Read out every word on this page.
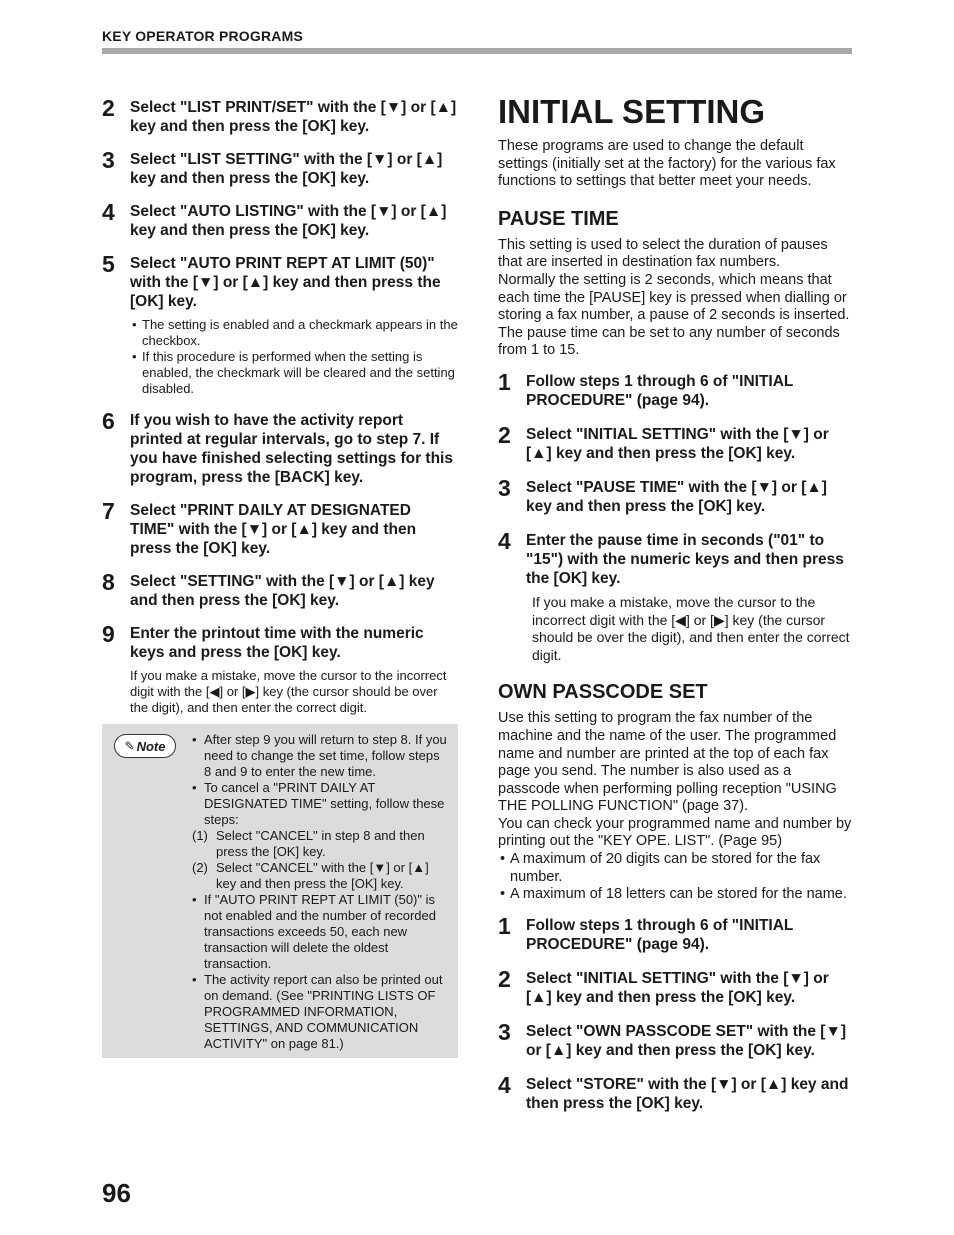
KEY OPERATOR PROGRAMS
2 Select "LIST PRINT/SET" with the [▼] or [▲] key and then press the [OK] key.
3 Select "LIST SETTING" with the [▼] or [▲] key and then press the [OK] key.
4 Select "AUTO LISTING" with the [▼] or [▲] key and then press the [OK] key.
5 Select "AUTO PRINT REPT AT LIMIT (50)" with the [▼] or [▲] key and then press the [OK] key.
• The setting is enabled and a checkmark appears in the checkbox.
• If this procedure is performed when the setting is enabled, the checkmark will be cleared and the setting disabled.
6 If you wish to have the activity report printed at regular intervals, go to step 7. If you have finished selecting settings for this program, press the [BACK] key.
7 Select "PRINT DAILY AT DESIGNATED TIME" with the [▼] or [▲] key and then press the [OK] key.
8 Select "SETTING" with the [▼] or [▲] key and then press the [OK] key.
9 Enter the printout time with the numeric keys and press the [OK] key.
If you make a mistake, move the cursor to the incorrect digit with the [◀] or [▶] key (the cursor should be over the digit), and then enter the correct digit.
✎ Note
•	After step 9 you will return to step 8. If you need to change the set time, follow steps 8 and 9 to enter the new time.
• To cancel a "PRINT DAILY AT DESIGNATED TIME" setting, follow these steps:
(1) Select "CANCEL" in step 8 and then press the [OK] key.
(2) Select "CANCEL" with the [▼] or [▲] key and then press the [OK] key.
• If "AUTO PRINT REPT AT LIMIT (50)" is not enabled and the number of recorded transactions exceeds 50, each new transaction will delete the oldest transaction.
• The activity report can also be printed out on demand. (See "PRINTING LISTS OF PROGRAMMED INFORMATION, SETTINGS, AND COMMUNICATION ACTIVITY" on page 81.)
INITIAL SETTING
These programs are used to change the default settings (initially set at the factory) for the various fax functions to settings that better meet your needs.
PAUSE TIME
This setting is used to select the duration of pauses that are inserted in destination fax numbers.
Normally the setting is 2 seconds, which means that each time the [PAUSE] key is pressed when dialling or storing a fax number, a pause of 2 seconds is inserted. The pause time can be set to any number of seconds from 1 to 15.
1 Follow steps 1 through 6 of "INITIAL PROCEDURE" (page 94).
2 Select "INITIAL SETTING" with the [▼] or [▲] key and then press the [OK] key.
3 Select "PAUSE TIME" with the [▼] or [▲] key and then press the [OK] key.
4 Enter the pause time in seconds ("01" to "15") with the numeric keys and then press the [OK] key.
If you make a mistake, move the cursor to the incorrect digit with the [◀] or [▶] key (the cursor should be over the digit), and then enter the correct digit.
OWN PASSCODE SET
Use this setting to program the fax number of the machine and the name of the user. The programmed name and number are printed at the top of each fax page you send. The number is also used as a passcode when performing polling reception "USING THE POLLING FUNCTION" (page 37).
You can check your programmed name and number by printing out the "KEY OPE. LIST". (Page 95)
• A maximum of 20 digits can be stored for the fax number.
• A maximum of 18 letters can be stored for the name.
1 Follow steps 1 through 6 of "INITIAL PROCEDURE" (page 94).
2 Select "INITIAL SETTING" with the [▼] or [▲] key and then press the [OK] key.
3 Select "OWN PASSCODE SET" with the [▼] or [▲] key and then press the [OK] key.
4 Select "STORE" with the [▼] or [▲] key and then press the [OK] key.
96
